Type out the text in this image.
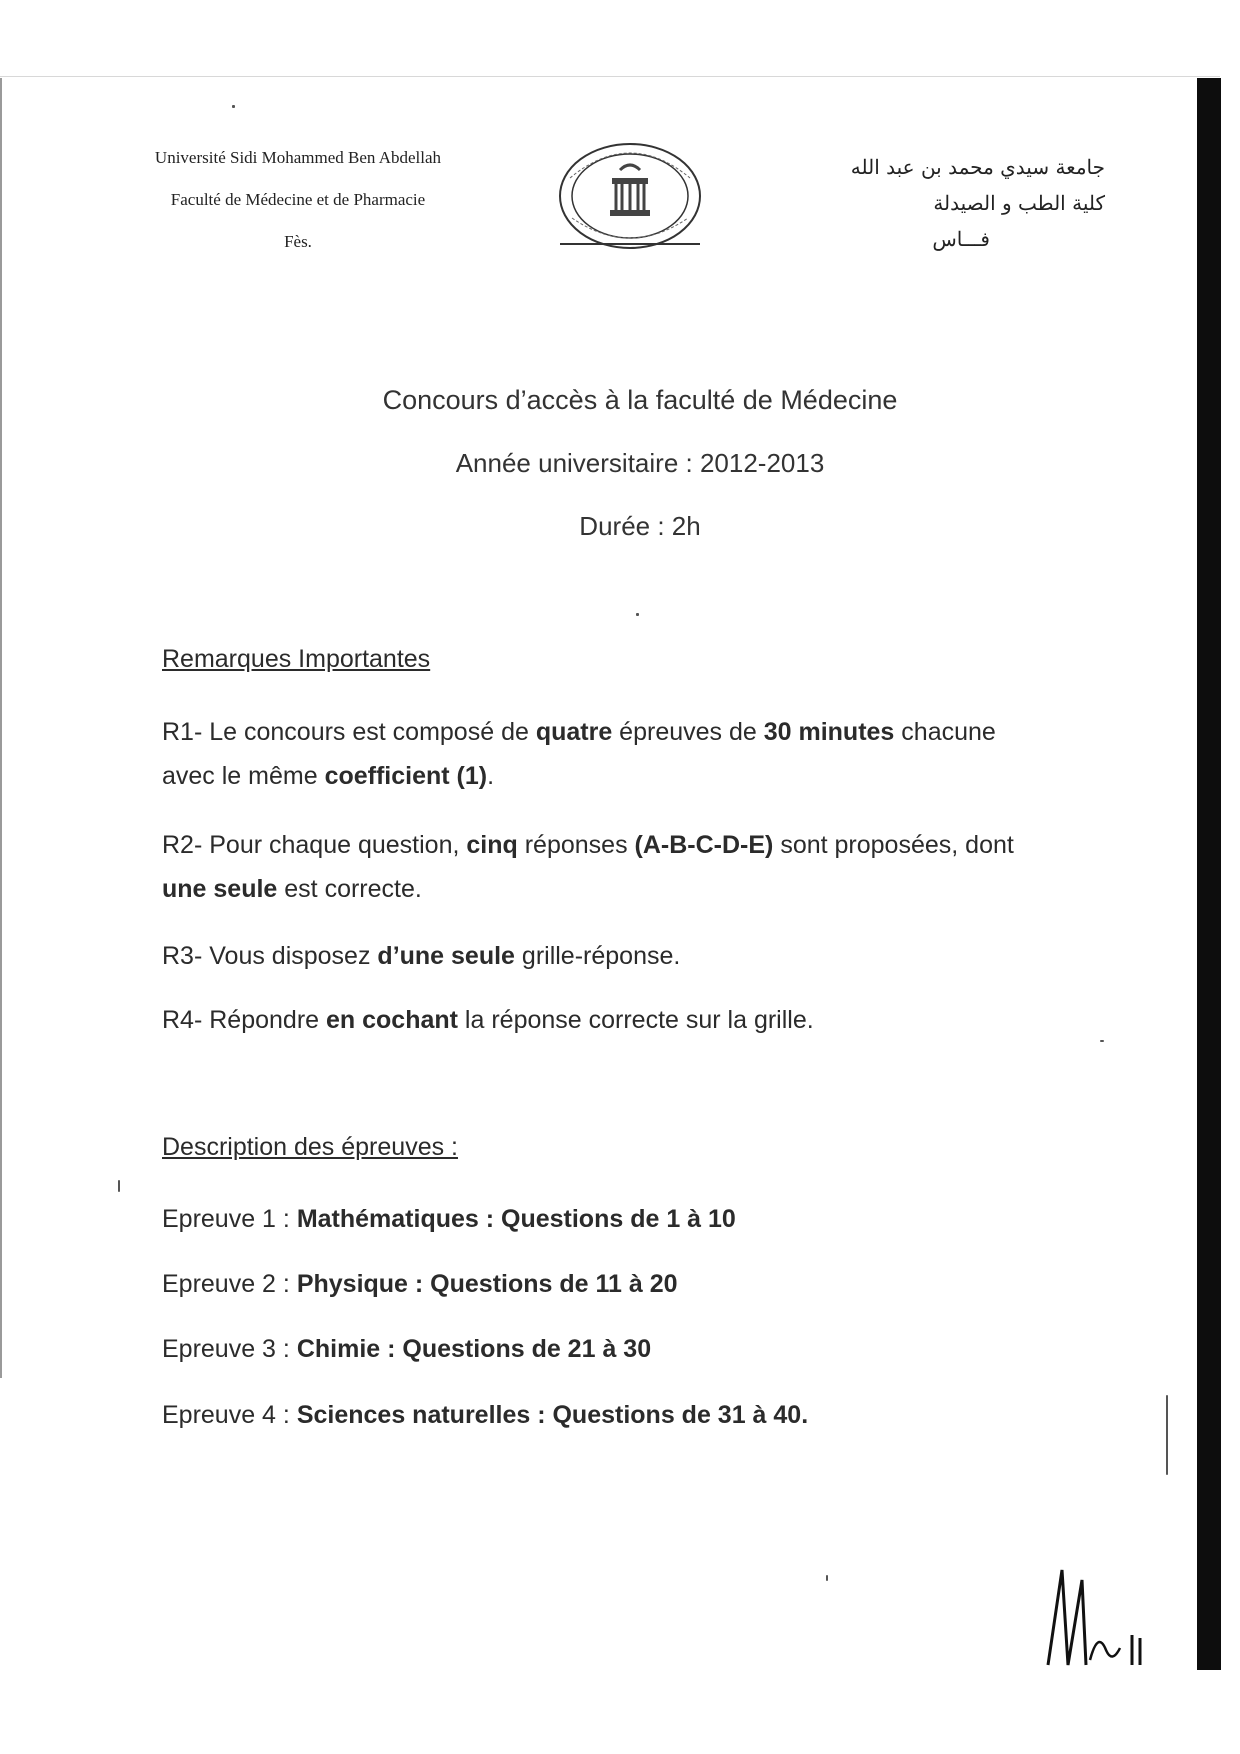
Université Sidi Mohammed Ben Abdellah
Faculté de Médecine et de Pharmacie
Fès.
جامعة سيدي محمد بن عبد الله
كلية الطب و الصيدلة
فـــاس
Concours d’accès à la faculté de Médecine
Année universitaire : 2012-2013
Durée : 2h
Remarques Importantes
R1- Le concours est composé de quatre épreuves de 30 minutes chacune avec le même coefficient (1).
R2- Pour chaque question, cinq réponses (A-B-C-D-E) sont proposées, dont une seule est correcte.
R3- Vous disposez d’une seule grille-réponse.
R4- Répondre en cochant la réponse correcte sur la grille.
Description des épreuves :
Epreuve 1 : Mathématiques : Questions de 1 à 10
Epreuve 2 : Physique : Questions de 11 à 20
Epreuve 3 : Chimie : Questions de 21 à 30
Epreuve 4 : Sciences naturelles : Questions de 31 à 40.
